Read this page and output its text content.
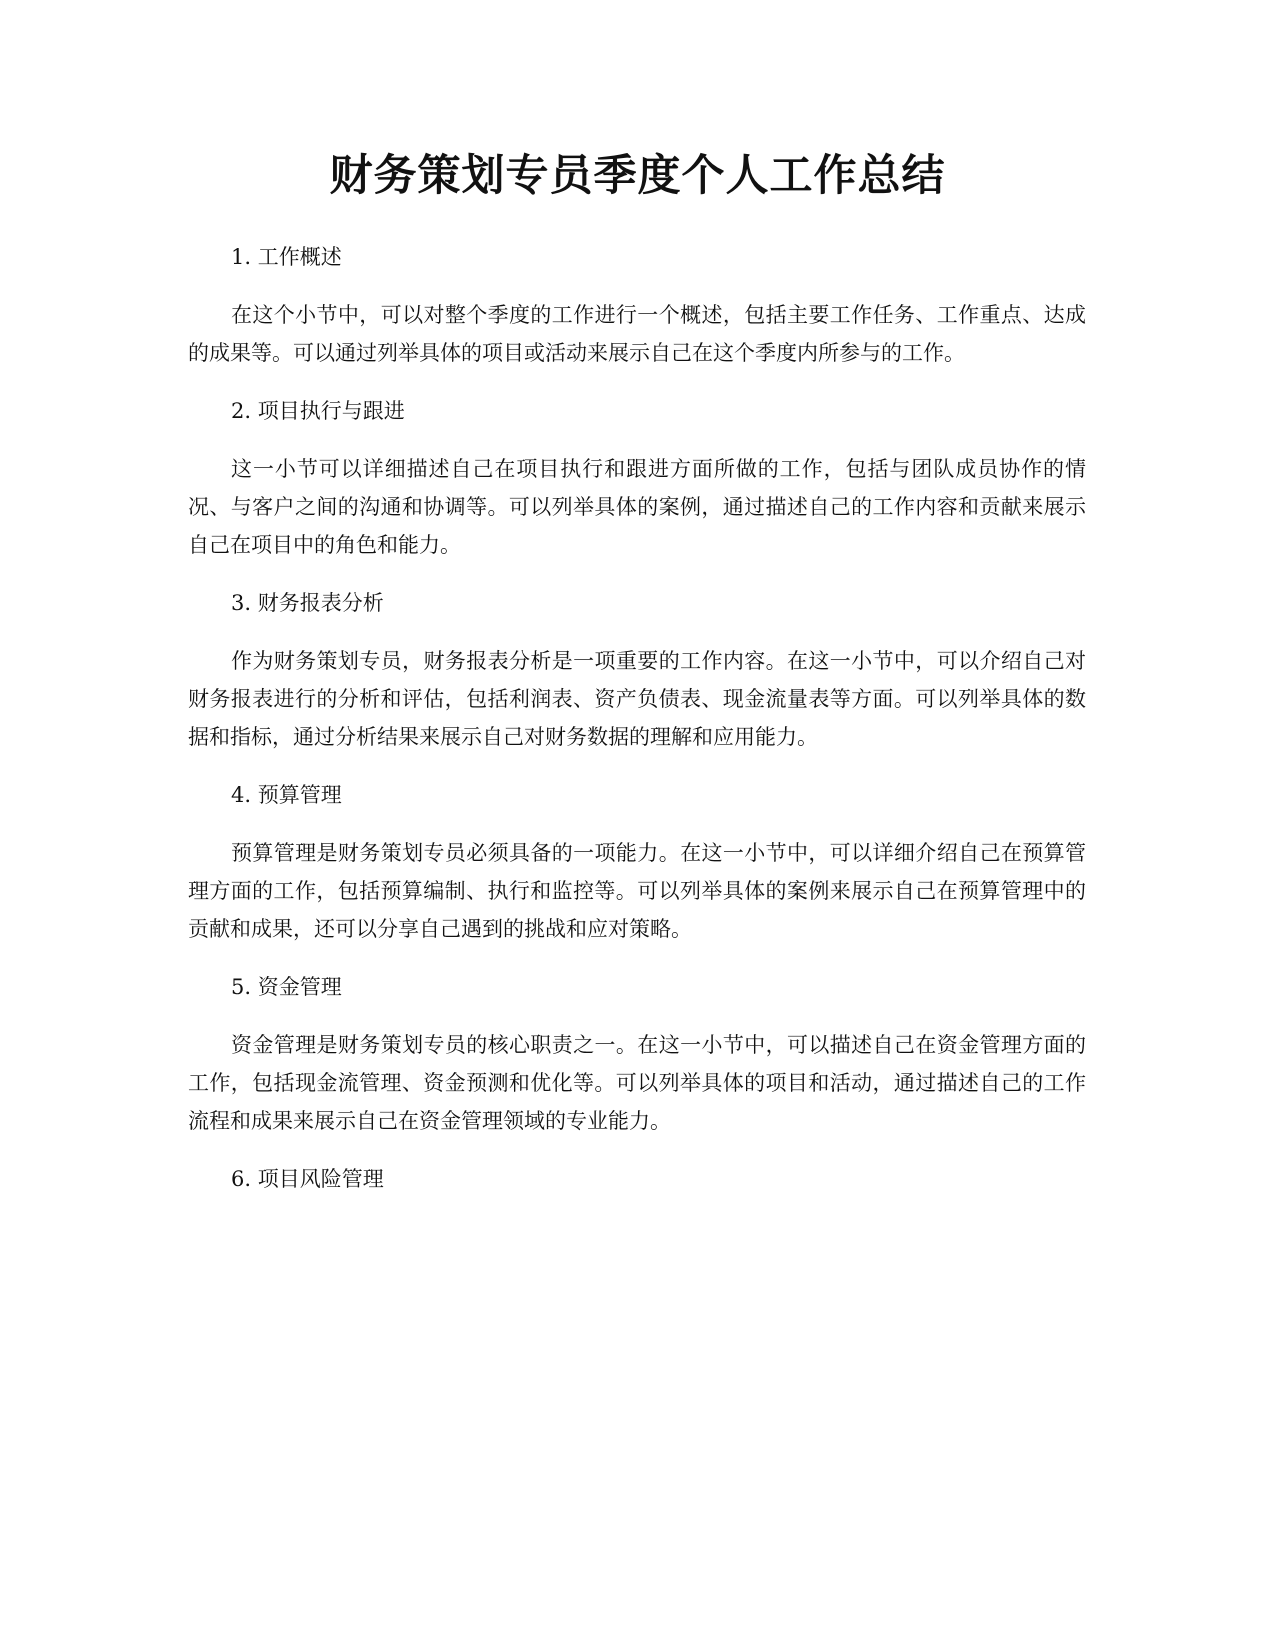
财务策划专员季度个人工作总结

1. 工作概述

在这个小节中，可以对整个季度的工作进行一个概述，包括主要工作任务、工作重点、达成的成果等。可以通过列举具体的项目或活动来展示自己在这个季度内所参与的工作。

2. 项目执行与跟进

这一小节可以详细描述自己在项目执行和跟进方面所做的工作，包括与团队成员协作的情况、与客户之间的沟通和协调等。可以列举具体的案例，通过描述自己的工作内容和贡献来展示自己在项目中的角色和能力。

3. 财务报表分析

作为财务策划专员，财务报表分析是一项重要的工作内容。在这一小节中，可以介绍自己对财务报表进行的分析和评估，包括利润表、资产负债表、现金流量表等方面。可以列举具体的数据和指标，通过分析结果来展示自己对财务数据的理解和应用能力。

4. 预算管理

预算管理是财务策划专员必须具备的一项能力。在这一小节中，可以详细介绍自己在预算管理方面的工作，包括预算编制、执行和监控等。可以列举具体的案例来展示自己在预算管理中的贡献和成果，还可以分享自己遇到的挑战和应对策略。

5. 资金管理

资金管理是财务策划专员的核心职责之一。在这一小节中，可以描述自己在资金管理方面的工作，包括现金流管理、资金预测和优化等。可以列举具体的项目和活动，通过描述自己的工作流程和成果来展示自己在资金管理领域的专业能力。

6. 项目风险管理
